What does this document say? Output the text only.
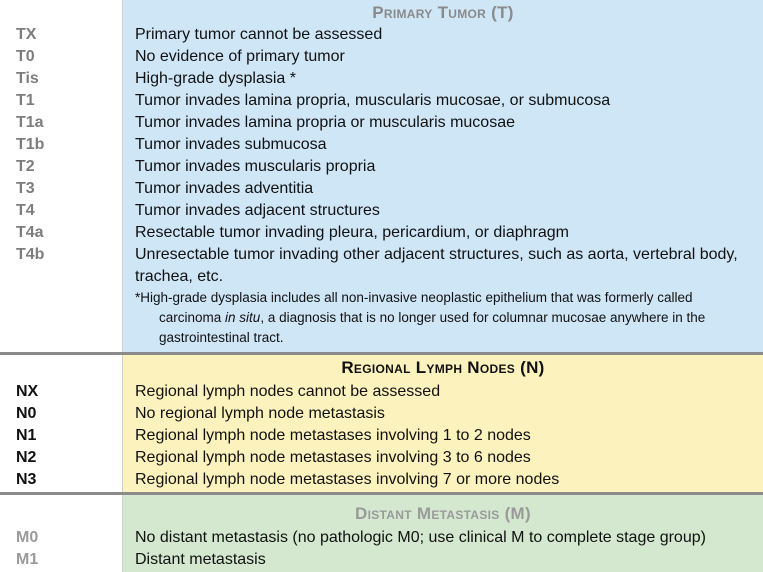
Primary Tumor (T)
TX	Primary tumor cannot be assessed
T0	No evidence of primary tumor
Tis	High-grade dysplasia *
T1	Tumor invades lamina propria, muscularis mucosae, or submucosa
T1a	Tumor invades lamina propria or muscularis mucosae
T1b	Tumor invades submucosa
T2	Tumor invades muscularis propria
T3	Tumor invades adventitia
T4	Tumor invades adjacent structures
T4a	Resectable tumor invading pleura, pericardium, or diaphragm
T4b	Unresectable tumor invading other adjacent structures, such as aorta, vertebral body, trachea, etc.
*High-grade dysplasia includes all non-invasive neoplastic epithelium that was formerly called carcinoma in situ, a diagnosis that is no longer used for columnar mucosae anywhere in the gastrointestinal tract.
Regional Lymph Nodes (N)
NX	Regional lymph nodes cannot be assessed
N0	No regional lymph node metastasis
N1	Regional lymph node metastases involving 1 to 2 nodes
N2	Regional lymph node metastases involving 3 to 6 nodes
N3	Regional lymph node metastases involving 7 or more nodes
Distant Metastasis (M)
M0	No distant metastasis (no pathologic M0; use clinical M to complete stage group)
M1	Distant metastasis
